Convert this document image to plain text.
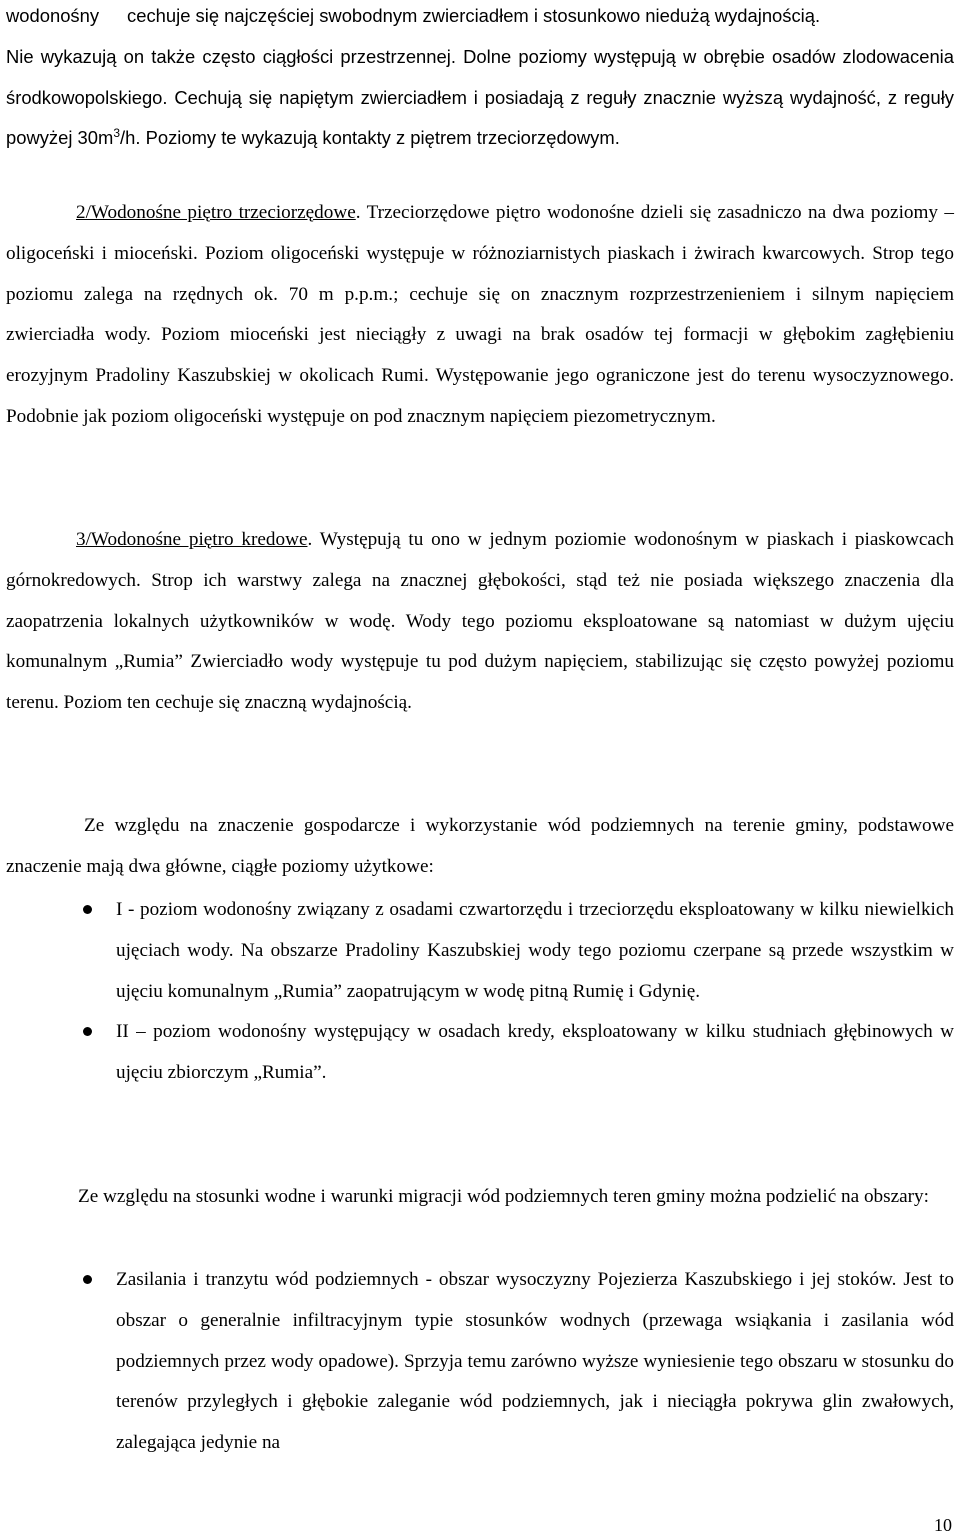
wodonośny cechuje się najczęściej swobodnym zwierciadłem i stosunkowo niedużą wydajnością.

Nie wykazują on także często ciągłości przestrzennej. Dolne poziomy występują w obrębie osadów zlodowacenia środkowopolskiego. Cechują się napiętym zwierciadłem i posiadają z reguły znacznie wyższą wydajność, z reguły powyżej $30m^3/h$. Poziomy te wykazują kontakty z piętrem trzeciorzędowym.

2/Wodonośne piętro trzeciorzędowe. Trzeciorzędowe piętro wodonośne dzieli się zasadniczo na dwa poziomy – oligoceński i mioceński. Poziom oligoceński występuje w różnoziarnistych piaskach i żwirach kwarcowych. Strop tego poziomu zalega na rzędnych ok. 70 m p.p.m.; cechuje się on znacznym rozprzestrzenieniem i silnym napięciem zwierciadła wody. Poziom mioceński jest nieciągły z uwagi na brak osadów tej formacji w głębokim zagłębieniu erozyjnym Pradoliny Kaszubskiej w okolicach Rumi. Występowanie jego ograniczone jest do terenu wysoczyznowego. Podobnie jak poziom oligoceński występuje on pod znacznym napięciem piezometrycznym.

3/Wodonośne piętro kredowe. Występują tu ono w jednym poziomie wodonośnym w piaskach i piaskowcach górnokredowych. Strop ich warstwy zalega na znacznej głębokości, stąd też nie posiada większego znaczenia dla zaopatrzenia lokalnych użytkowników w wodę. Wody tego poziomu eksploatowane są natomiast w dużym ujęciu komunalnym „Rumia” Zwierciadło wody występuje tu pod dużym napięciem, stabilizując się często powyżej poziomu terenu. Poziom ten cechuje się znaczną wydajnością.

Ze względu na znaczenie gospodarcze i wykorzystanie wód podziemnych na terenie gminy, podstawowe znaczenie mają dwa główne, ciągłe poziomy użytkowe:

I - poziom wodonośny związany z osadami czwartorzędu i trzeciorzędu eksploatowany w kilku niewielkich ujęciach wody. Na obszarze Pradoliny Kaszubskiej wody tego poziomu czerpane są przede wszystkim w ujęciu komunalnym „Rumia” zaopatrującym w wodę pitną Rumię i Gdynię.

II – poziom wodonośny występujący w osadach kredy, eksploatowany w kilku studniach głębinowych w ujęciu zbiorczym „Rumia”.

Ze względu na stosunki wodne i warunki migracji wód podziemnych teren gminy można podzielić na obszary:

Zasilania i tranzytu wód podziemnych - obszar wysoczyzny Pojezierza Kaszubskiego i jej stoków. Jest to obszar o generalnie infiltracyjnym typie stosunków wodnych (przewaga wsiąkania i zasilania wód podziemnych przez wody opadowe). Sprzyja temu zarówno wyższe wyniesienie tego obszaru w stosunku do terenów przyległych i głębokie zaleganie wód podziemnych, jak i nieciągła pokrywa glin zwałowych, zalegająca jedynie na

10
